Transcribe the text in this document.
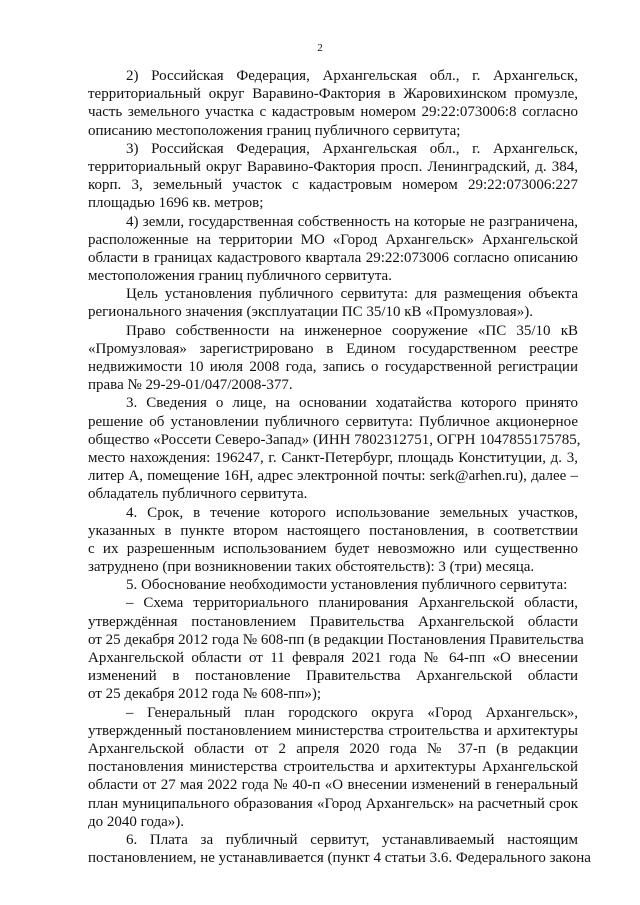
2
2) Российская Федерация, Архангельская обл., г. Архангельск,
территориальный округ Варавино-Фактория в Жаровихинском промузле,
часть земельного участка с кадастровым номером 29:22:073006:8 согласно
описанию местоположения границ публичного сервитута;
3) Российская Федерация, Архангельская обл., г. Архангельск,
территориальный округ Варавино-Фактория просп. Ленинградский, д. 384,
корп. 3, земельный участок с кадастровым номером 29:22:073006:227
площадью 1696 кв. метров;
4) земли, государственная собственность на которые не разграничена,
расположенные на территории МО «Город Архангельск» Архангельской
области в границах кадастрового квартала 29:22:073006 согласно описанию
местоположения границ публичного сервитута.
Цель установления публичного сервитута: для размещения объекта
регионального значения (эксплуатации ПС 35/10 кВ «Промузловая»).
Право собственности на инженерное сооружение «ПС 35/10 кВ
«Промузловая» зарегистрировано в Едином государственном реестре
недвижимости 10 июля 2008 года, запись о государственной регистрации
права № 29-29-01/047/2008-377.
3. Сведения о лице, на основании ходатайства которого принято
решение об установлении публичного сервитута: Публичное акционерное
общество «Россети Северо-Запад» (ИНН 7802312751, ОГРН 1047855175785,
место нахождения: 196247, г. Санкт-Петербург, площадь Конституции, д. 3,
литер А, помещение 16Н, адрес электронной почты: serk@arhen.ru), далее –
обладатель публичного сервитута.
4. Срок, в течение которого использование земельных участков,
указанных в пункте втором настоящего постановления, в соответствии
с их разрешенным использованием будет невозможно или существенно
затруднено (при возникновении таких обстоятельств): 3 (три) месяца.
5. Обоснование необходимости установления публичного сервитута:
– Схема территориального планирования Архангельской области,
утверждённая постановлением Правительства Архангельской области
от 25 декабря 2012 года № 608-пп (в редакции Постановления Правительства
Архангельской области от 11 февраля 2021 года № 64-пп «О внесении
изменений в постановление Правительства Архангельской области
от 25 декабря 2012 года № 608-пп»);
– Генеральный план городского округа «Город Архангельск»,
утвержденный постановлением министерства строительства и архитектуры
Архангельской области от 2 апреля 2020 года № 37-п (в редакции
постановления министерства строительства и архитектуры Архангельской
области от 27 мая 2022 года № 40-п «О внесении изменений в генеральный
план муниципального образования «Город Архангельск» на расчетный срок
до 2040 года»).
6. Плата за публичный сервитут, устанавливаемый настоящим
постановлением, не устанавливается (пункт 4 статьи 3.6. Федерального закона
